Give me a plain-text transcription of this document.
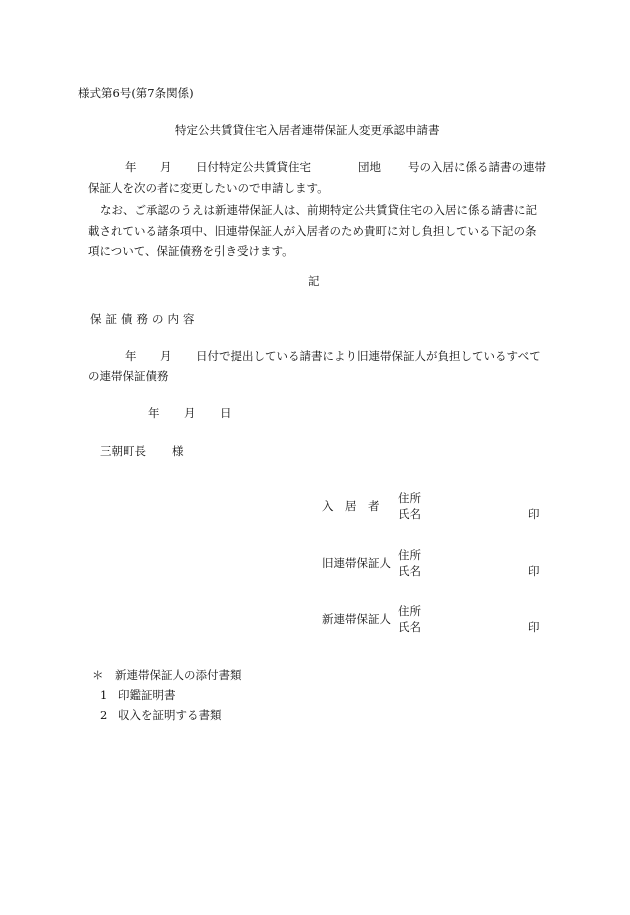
様式第6号(第7条関係)
特定公共賃貸住宅入居者連帯保証人変更承認申請書
年 月 日付特定公共賃貸住宅	団地 号の入居に係る請書の連帯
保証人を次の者に変更したいので申請します。
なお、ご承認のうえは新連帯保証人は、前期特定公共賃貸住宅の入居に係る請書に記
載されている諸条項中、旧連帯保証人が入居者のため貴町に対し負担している下記の条
項について、保証債務を引き受けます。
記
保証債務の内容
年 月 日付で提出している請書により旧連帯保証人が負担しているすべて
の連帯保証債務
年 月 日
三朝町長 様
入　居　者
住所
氏名	印
旧連帯保証人
住所
氏名	印
新連帯保証人
住所
氏名	印
＊ 新連帯保証人の添付書類
1 印鑑証明書
2 収入を証明する書類
